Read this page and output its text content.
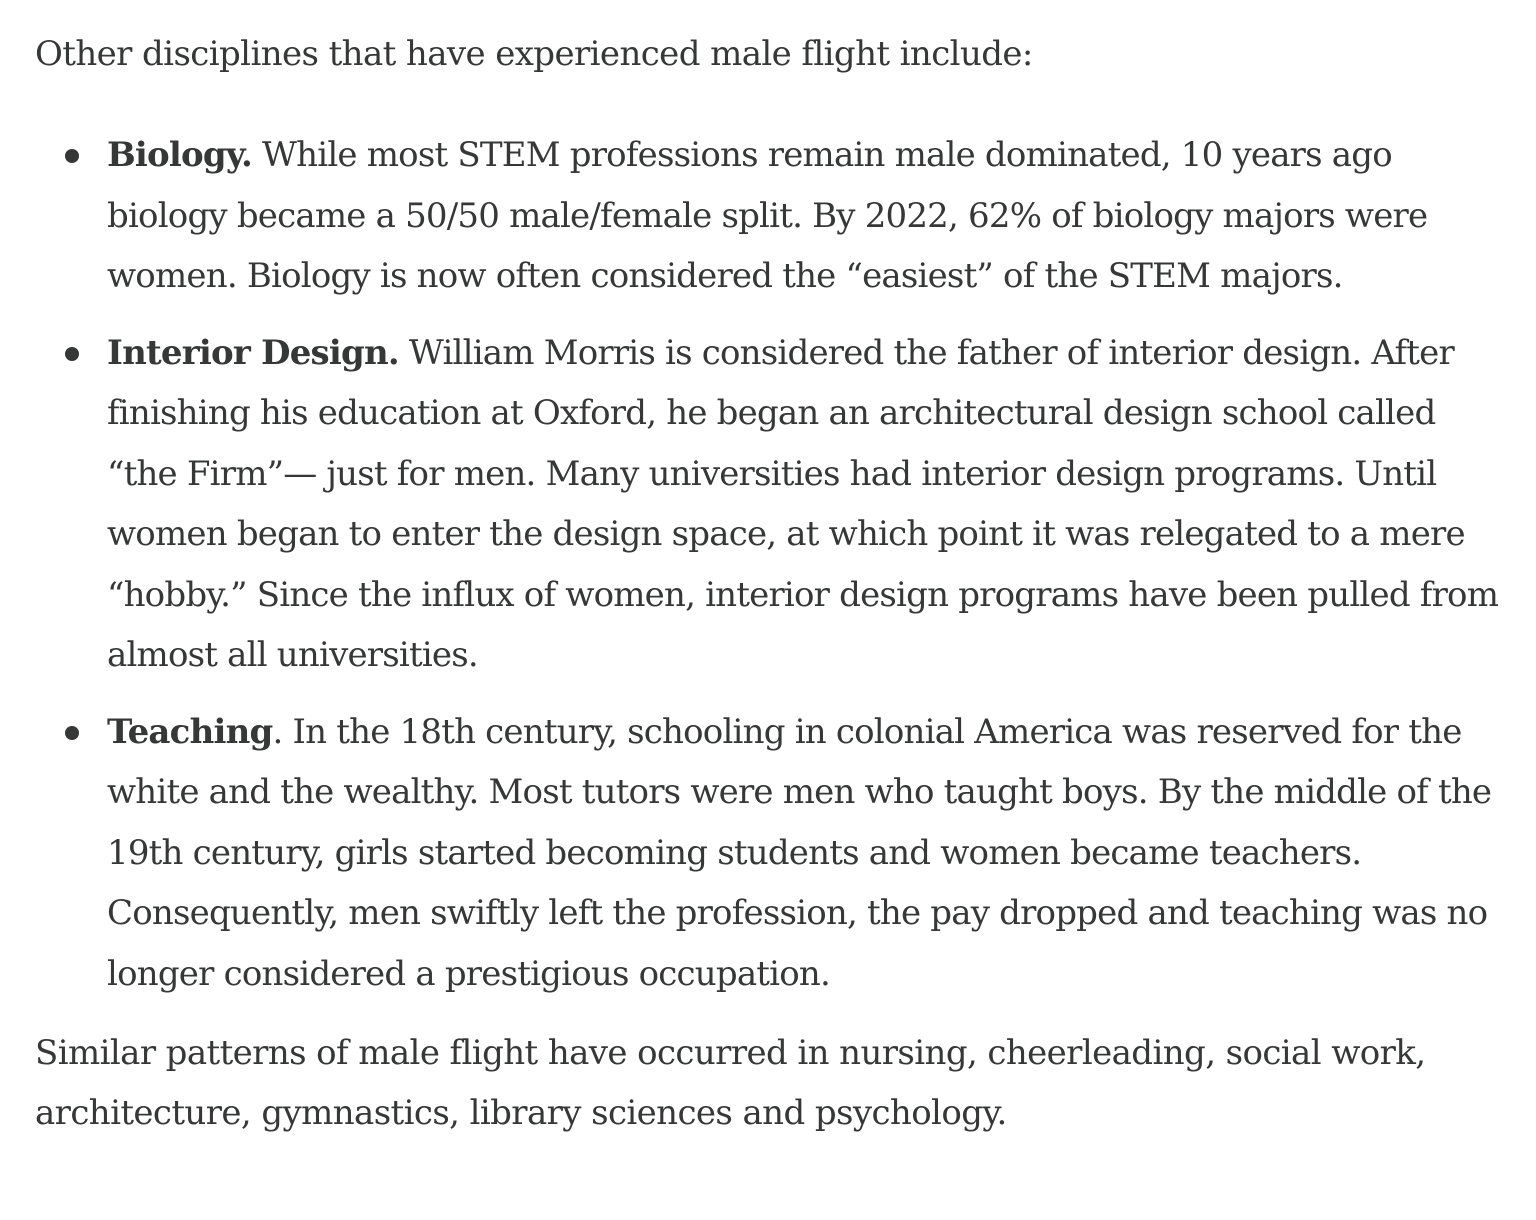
Other disciplines that have experienced male flight include:

Biology. While most STEM professions remain male dominated, 10 years ago biology became a 50/50 male/female split. By 2022, 62% of biology majors were women. Biology is now often considered the “easiest” of the STEM majors.
Interior Design. William Morris is considered the father of interior design. After finishing his education at Oxford, he began an architectural design school called “the Firm”— just for men. Many universities had interior design programs. Until women began to enter the design space, at which point it was relegated to a mere “hobby.” Since the influx of women, interior design programs have been pulled from almost all universities.
Teaching. In the 18th century, schooling in colonial America was reserved for the white and the wealthy. Most tutors were men who taught boys. By the middle of the 19th century, girls started becoming students and women became teachers. Consequently, men swiftly left the profession, the pay dropped and teaching was no longer considered a prestigious occupation.

Similar patterns of male flight have occurred in nursing, cheerleading, social work, architecture, gymnastics, library sciences and psychology.
